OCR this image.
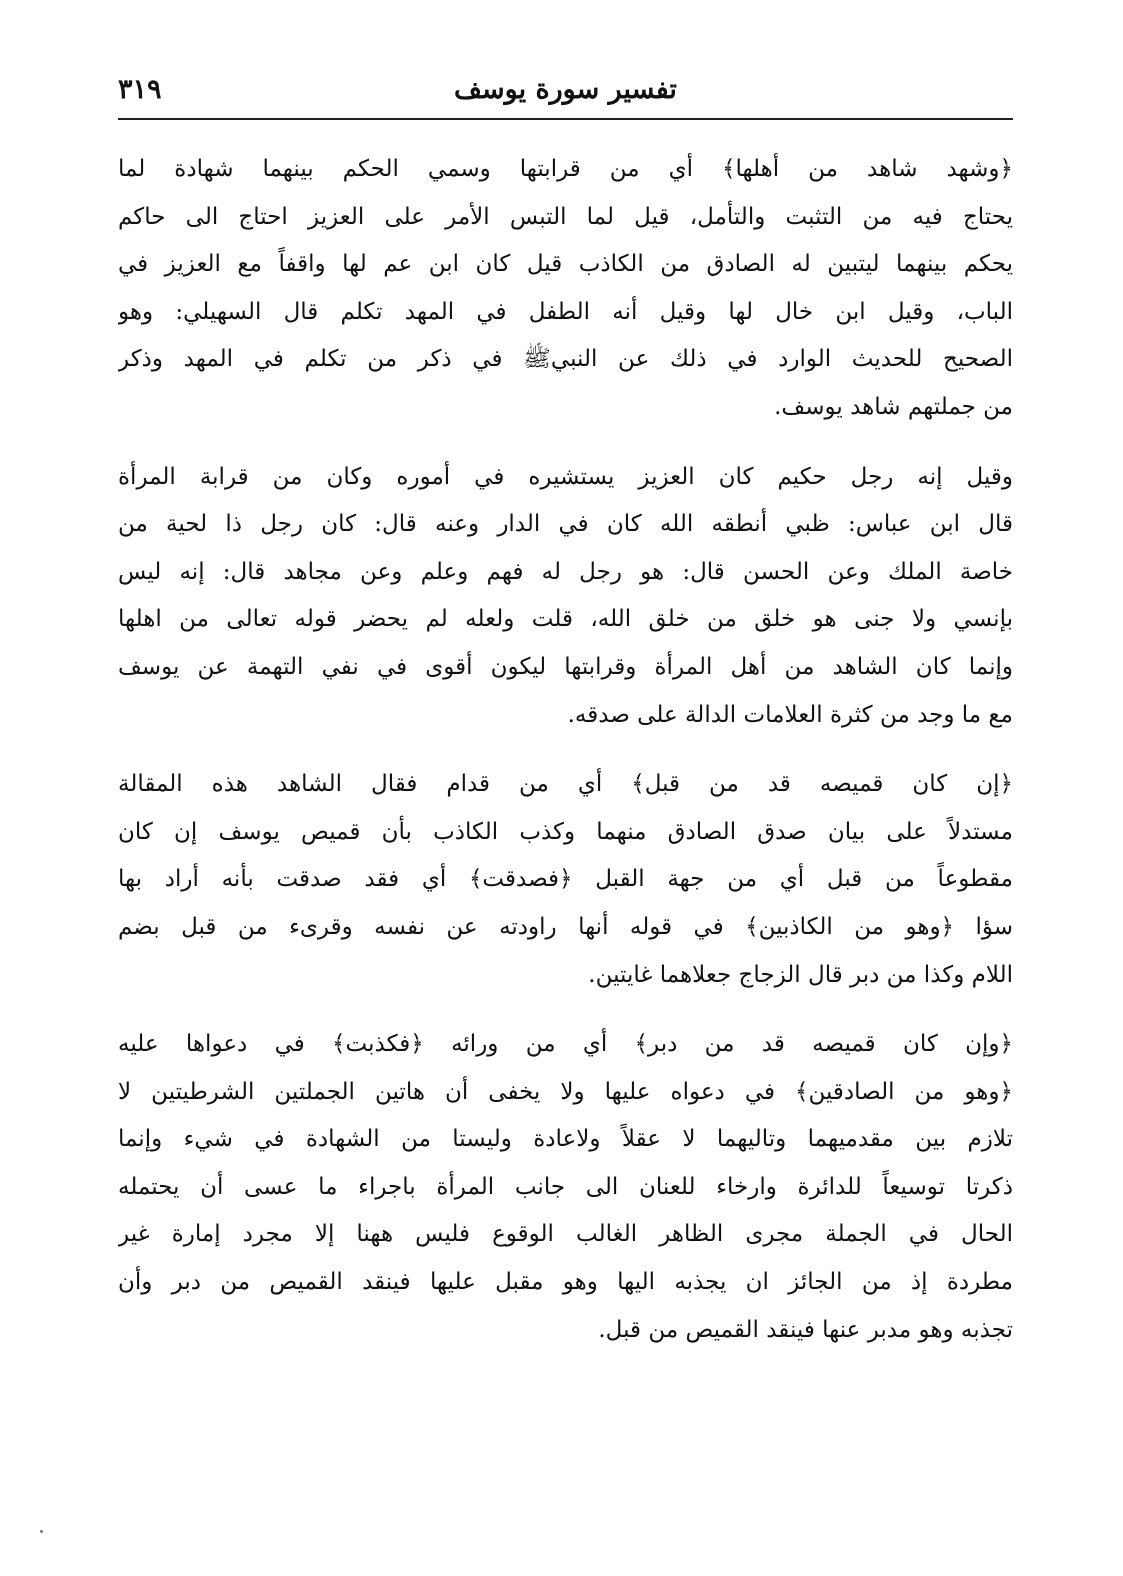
تفسير سورة يوسف
٣١٩

﴿وشهد شاهد من أهلها﴾ أي من قرابتها وسمي الحكم بينهما شهادة لما
يحتاج فيه من التثبت والتأمل، قيل لما التبس الأمر على العزيز احتاج الى حاكم
يحكم بينهما ليتبين له الصادق من الكاذب قيل كان ابن عم لها واقفاً مع العزيز في
الباب، وقيل ابن خال لها وقيل أنه الطفل في المهد تكلم قال السهيلي: وهو
الصحيح للحديث الوارد في ذلك عن النبيﷺ في ذكر من تكلم في المهد وذكر
من جملتهم شاهد يوسف.

وقيل إنه رجل حكيم كان العزيز يستشيره في أموره وكان من قرابة المرأة
قال ابن عباس: ظبي أنطقه الله كان في الدار وعنه قال: كان رجل ذا لحية من
خاصة الملك وعن الحسن قال: هو رجل له فهم وعلم وعن مجاهد قال: إنه ليس
بإنسي ولا جنى هو خلق من خلق الله، قلت ولعله لم يحضر قوله تعالى من اهلها
وإنما كان الشاهد من أهل المرأة وقرابتها ليكون أقوى في نفي التهمة عن يوسف
مع ما وجد من كثرة العلامات الدالة على صدقه.

﴿إن كان قميصه قد من قبل﴾ أي من قدام فقال الشاهد هذه المقالة
مستدلاً على بيان صدق الصادق منهما وكذب الكاذب بأن قميص يوسف إن كان
مقطوعاً من قبل أي من جهة القبل ﴿فصدقت﴾ أي فقد صدقت بأنه أراد بها
سؤا ﴿وهو من الكاذبين﴾ في قوله أنها راودته عن نفسه وقرىء من قبل بضم
اللام وكذا من دبر قال الزجاج جعلاهما غايتين.

﴿وإن كان قميصه قد من دبر﴾ أي من ورائه ﴿فكذبت﴾ في دعواها عليه
﴿وهو من الصادقين﴾ في دعواه عليها ولا يخفى أن هاتين الجملتين الشرطيتين لا
تلازم بين مقدميهما وتاليهما لا عقلاً ولاعادة وليستا من الشهادة في شيء وإنما
ذكرتا توسيعاً للدائرة وارخاء للعنان الى جانب المرأة باجراء ما عسى أن يحتمله
الحال في الجملة مجرى الظاهر الغالب الوقوع فليس ههنا إلا مجرد إمارة غير
مطردة إذ من الجائز ان يجذبه اليها وهو مقبل عليها فينقد القميص من دبر وأن
تجذبه وهو مدبر عنها فينقد القميص من قبل.
